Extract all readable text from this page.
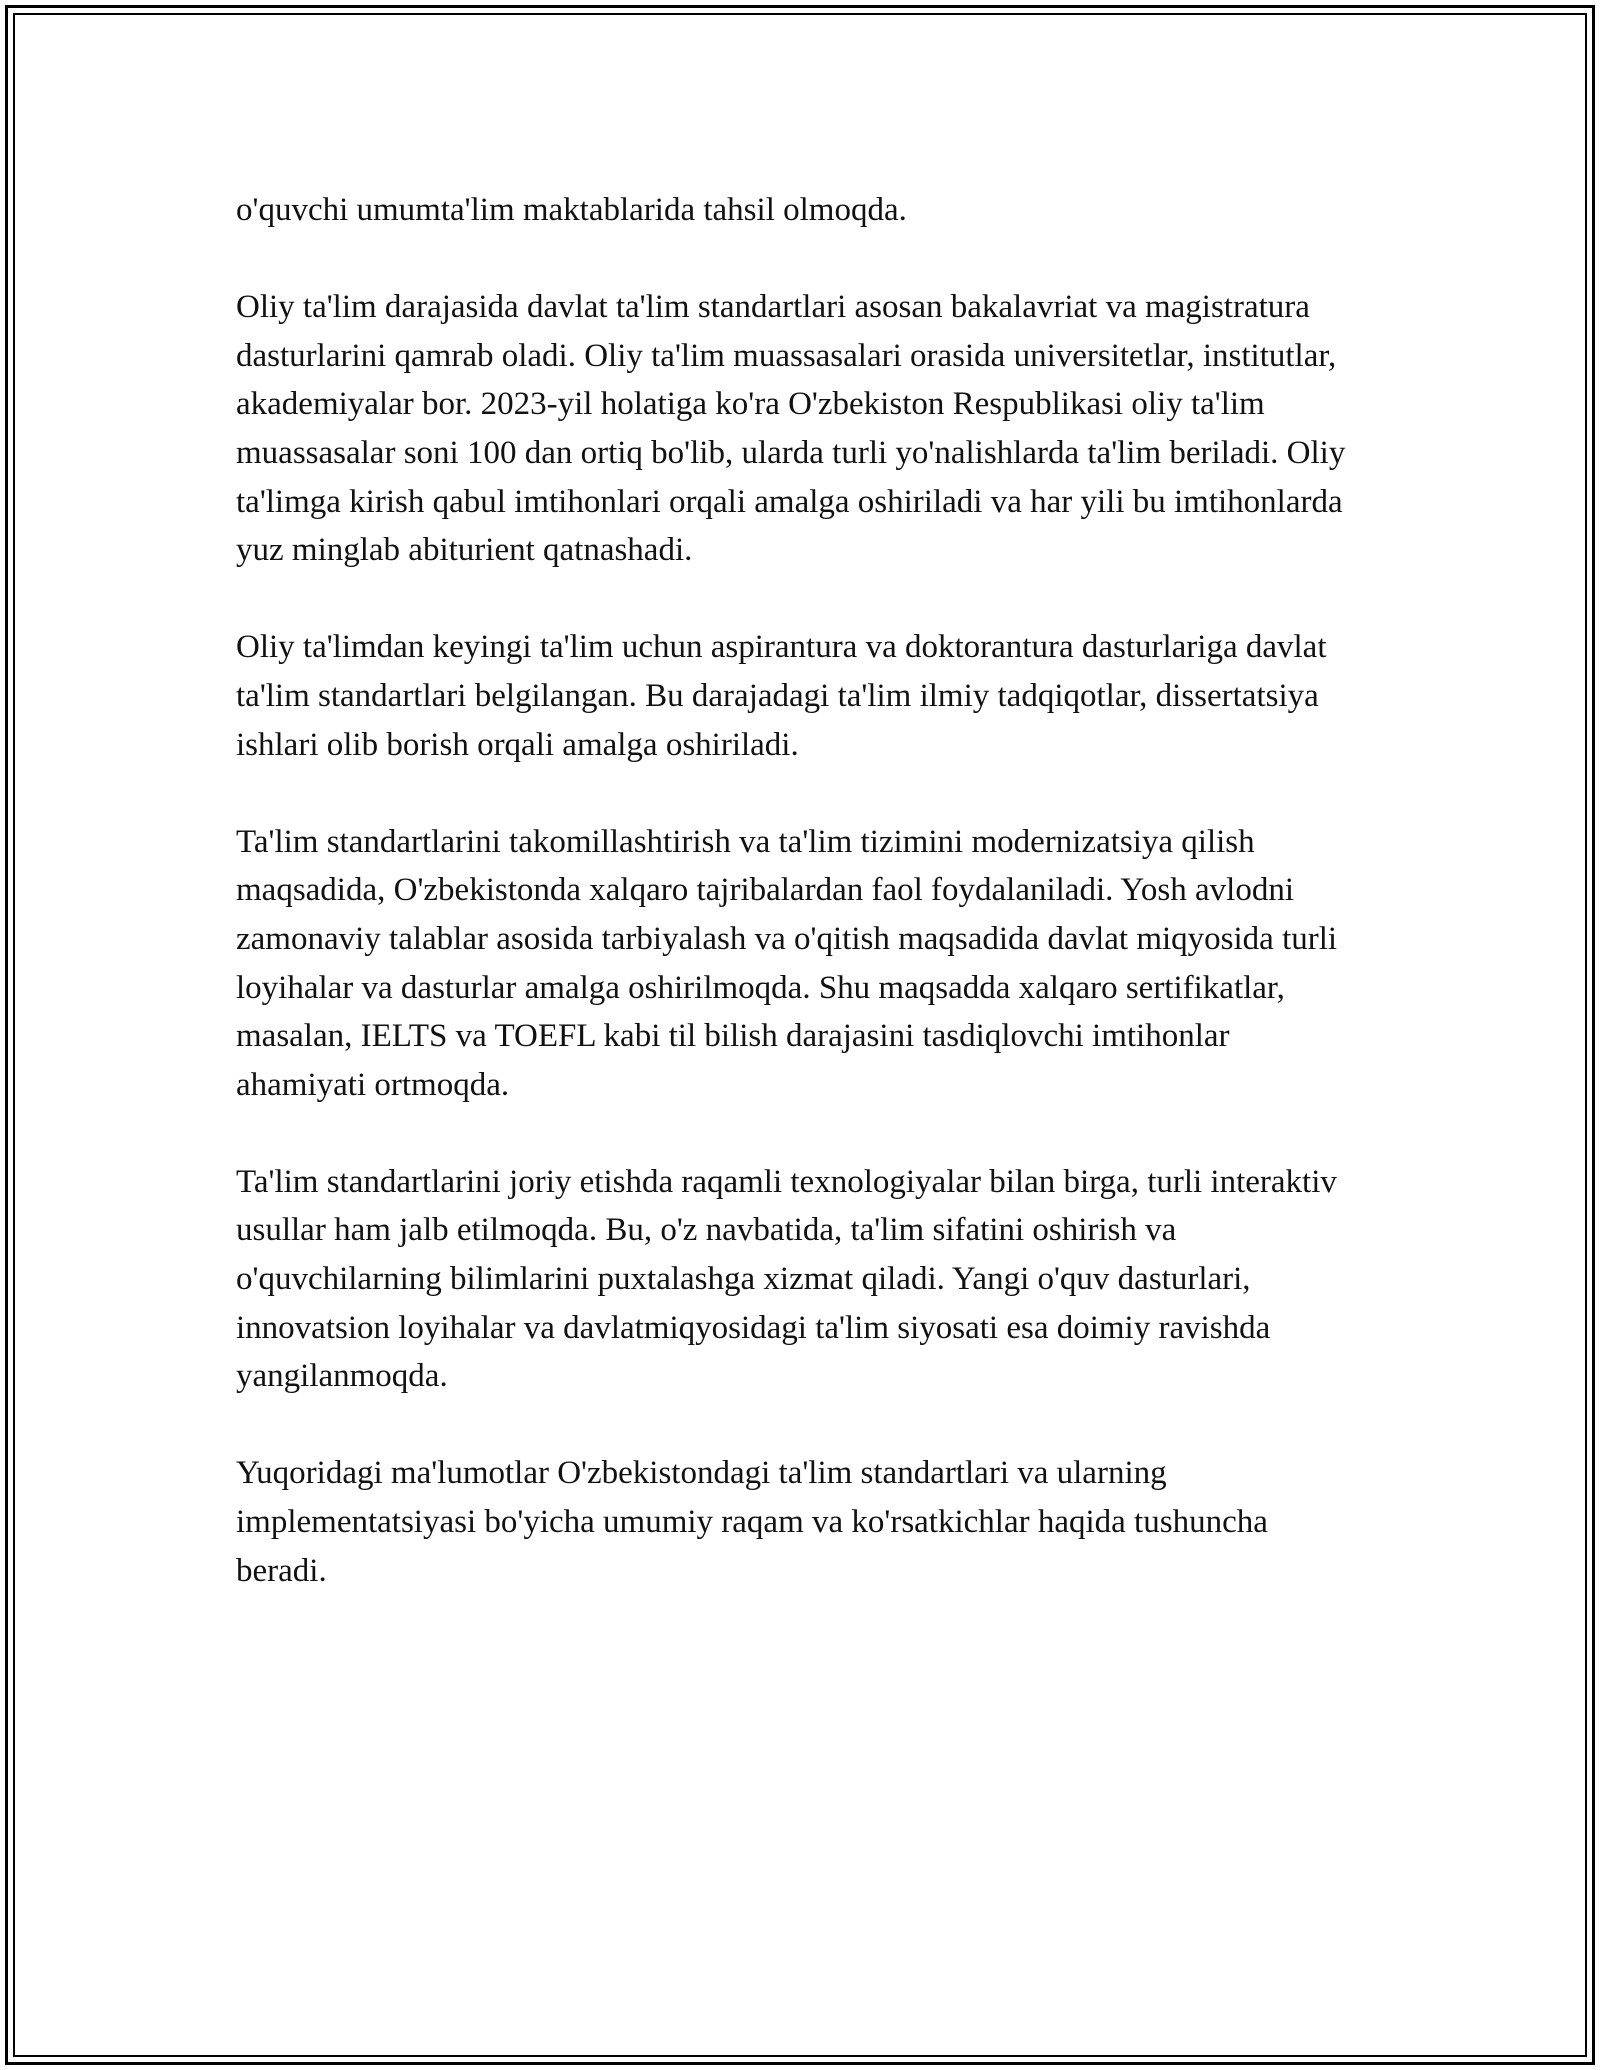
o'quvchi umumta'lim maktablarida tahsil olmoqda.

Oliy ta'lim darajasida davlat ta'lim standartlari asosan bakalavriat va magistratura dasturlarini qamrab oladi. Oliy ta'lim muassasalari orasida universitetlar, institutlar, akademiyalar bor. 2023-yil holatiga ko'ra O'zbekiston Respublikasi oliy ta'lim muassasalar soni 100 dan ortiq bo'lib, ularda turli yo'nalishlarda ta'lim beriladi. Oliy ta'limga kirish qabul imtihonlari orqali amalga oshiriladi va har yili bu imtihonlarda yuz minglab abiturient qatnashadi.

Oliy ta'limdan keyingi ta'lim uchun aspirantura va doktorantura dasturlariga davlat ta'lim standartlari belgilangan. Bu darajadagi ta'lim ilmiy tadqiqotlar, dissertatsiya ishlari olib borish orqali amalga oshiriladi.

Ta'lim standartlarini takomillashtirish va ta'lim tizimini modernizatsiya qilish maqsadida, O'zbekistonda xalqaro tajribalardan faol foydalaniladi. Yosh avlodni zamonaviy talablar asosida tarbiyalash va o'qitish maqsadida davlat miqyosida turli loyihalar va dasturlar amalga oshirilmoqda. Shu maqsadda xalqaro sertifikatlar, masalan, IELTS va TOEFL kabi til bilish darajasini tasdiqlovchi imtihonlar ahamiyati ortmoqda.

Ta'lim standartlarini joriy etishda raqamli texnologiyalar bilan birga, turli interaktiv usullar ham jalb etilmoqda. Bu, o'z navbatida, ta'lim sifatini oshirish va o'quvchilarning bilimlarini puxtalashga xizmat qiladi. Yangi o'quv dasturlari, innovatsion loyihalar va davlatmiqyosidagi ta'lim siyosati esa doimiy ravishda yangilanmoqda.

Yuqoridagi ma'lumotlar O'zbekistondagi ta'lim standartlari va ularning implementatsiyasi bo'yicha umumiy raqam va ko'rsatkichlar haqida tushuncha beradi.
